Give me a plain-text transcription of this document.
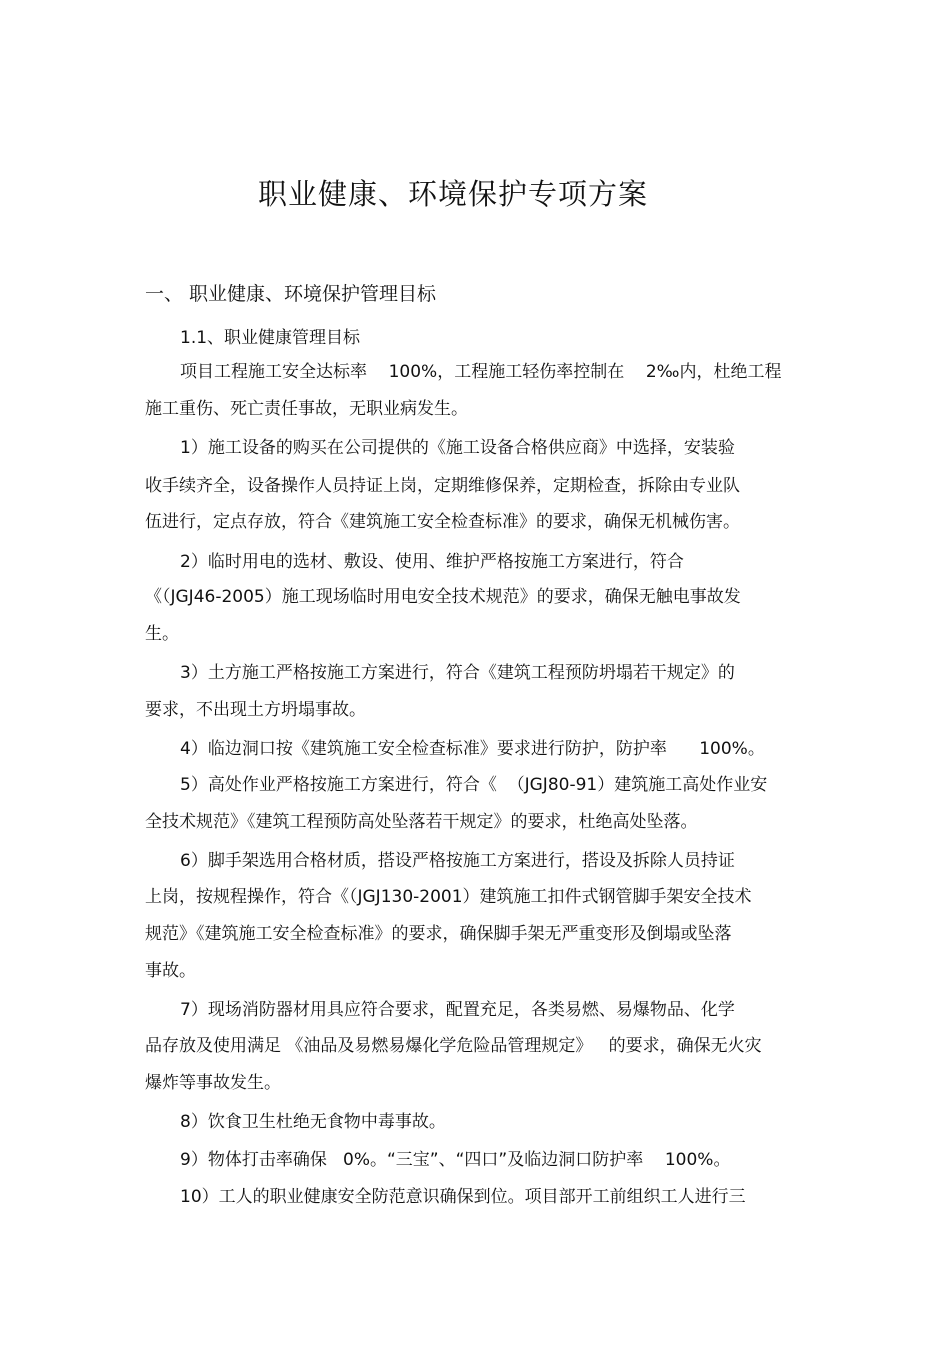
职业健康、环境保护专项方案
一、 职业健康、环境保护管理目标
1.1、职业健康管理目标
项目工程施工安全达标率    100%，工程施工轻伤率控制在    2‰内，杜绝工程
施工重伤、死亡责任事故，无职业病发生。
1）施工设备的购买在公司提供的《施工设备合格供应商》中选择，安装验
收手续齐全，设备操作人员持证上岗，定期维修保养，定期检查，拆除由专业队
伍进行，定点存放，符合《建筑施工安全检查标准》的要求，确保无机械伤害。
2）临时用电的选材、敷设、使用、维护严格按施工方案进行，符合
《（JGJ46-2005）施工现场临时用电安全技术规范》的要求，确保无触电事故发
生。
3）土方施工严格按施工方案进行，符合《建筑工程预防坍塌若干规定》的
要求，不出现土方坍塌事故。
4）临边洞口按《建筑施工安全检查标准》要求进行防护，防护率      100%。
5）高处作业严格按施工方案进行，符合《  （JGJ80-91）建筑施工高处作业安
全技术规范》《建筑工程预防高处坠落若干规定》的要求，杜绝高处坠落。
6）脚手架选用合格材质，搭设严格按施工方案进行，搭设及拆除人员持证
上岗，按规程操作，符合《（JGJ130-2001）建筑施工扣件式钢管脚手架安全技术
规范》《建筑施工安全检查标准》的要求，确保脚手架无严重变形及倒塌或坠落
事故。
7）现场消防器材用具应符合要求，配置充足，各类易燃、易爆物品、化学
品存放及使用满足 《油品及易燃易爆化学危险品管理规定》   的要求，确保无火灾
爆炸等事故发生。
8）饮食卫生杜绝无食物中毒事故。
9）物体打击率确保   0%。“三宝”、“四口”及临边洞口防护率    100%。
10）工人的职业健康安全防范意识确保到位。项目部开工前组织工人进行三
